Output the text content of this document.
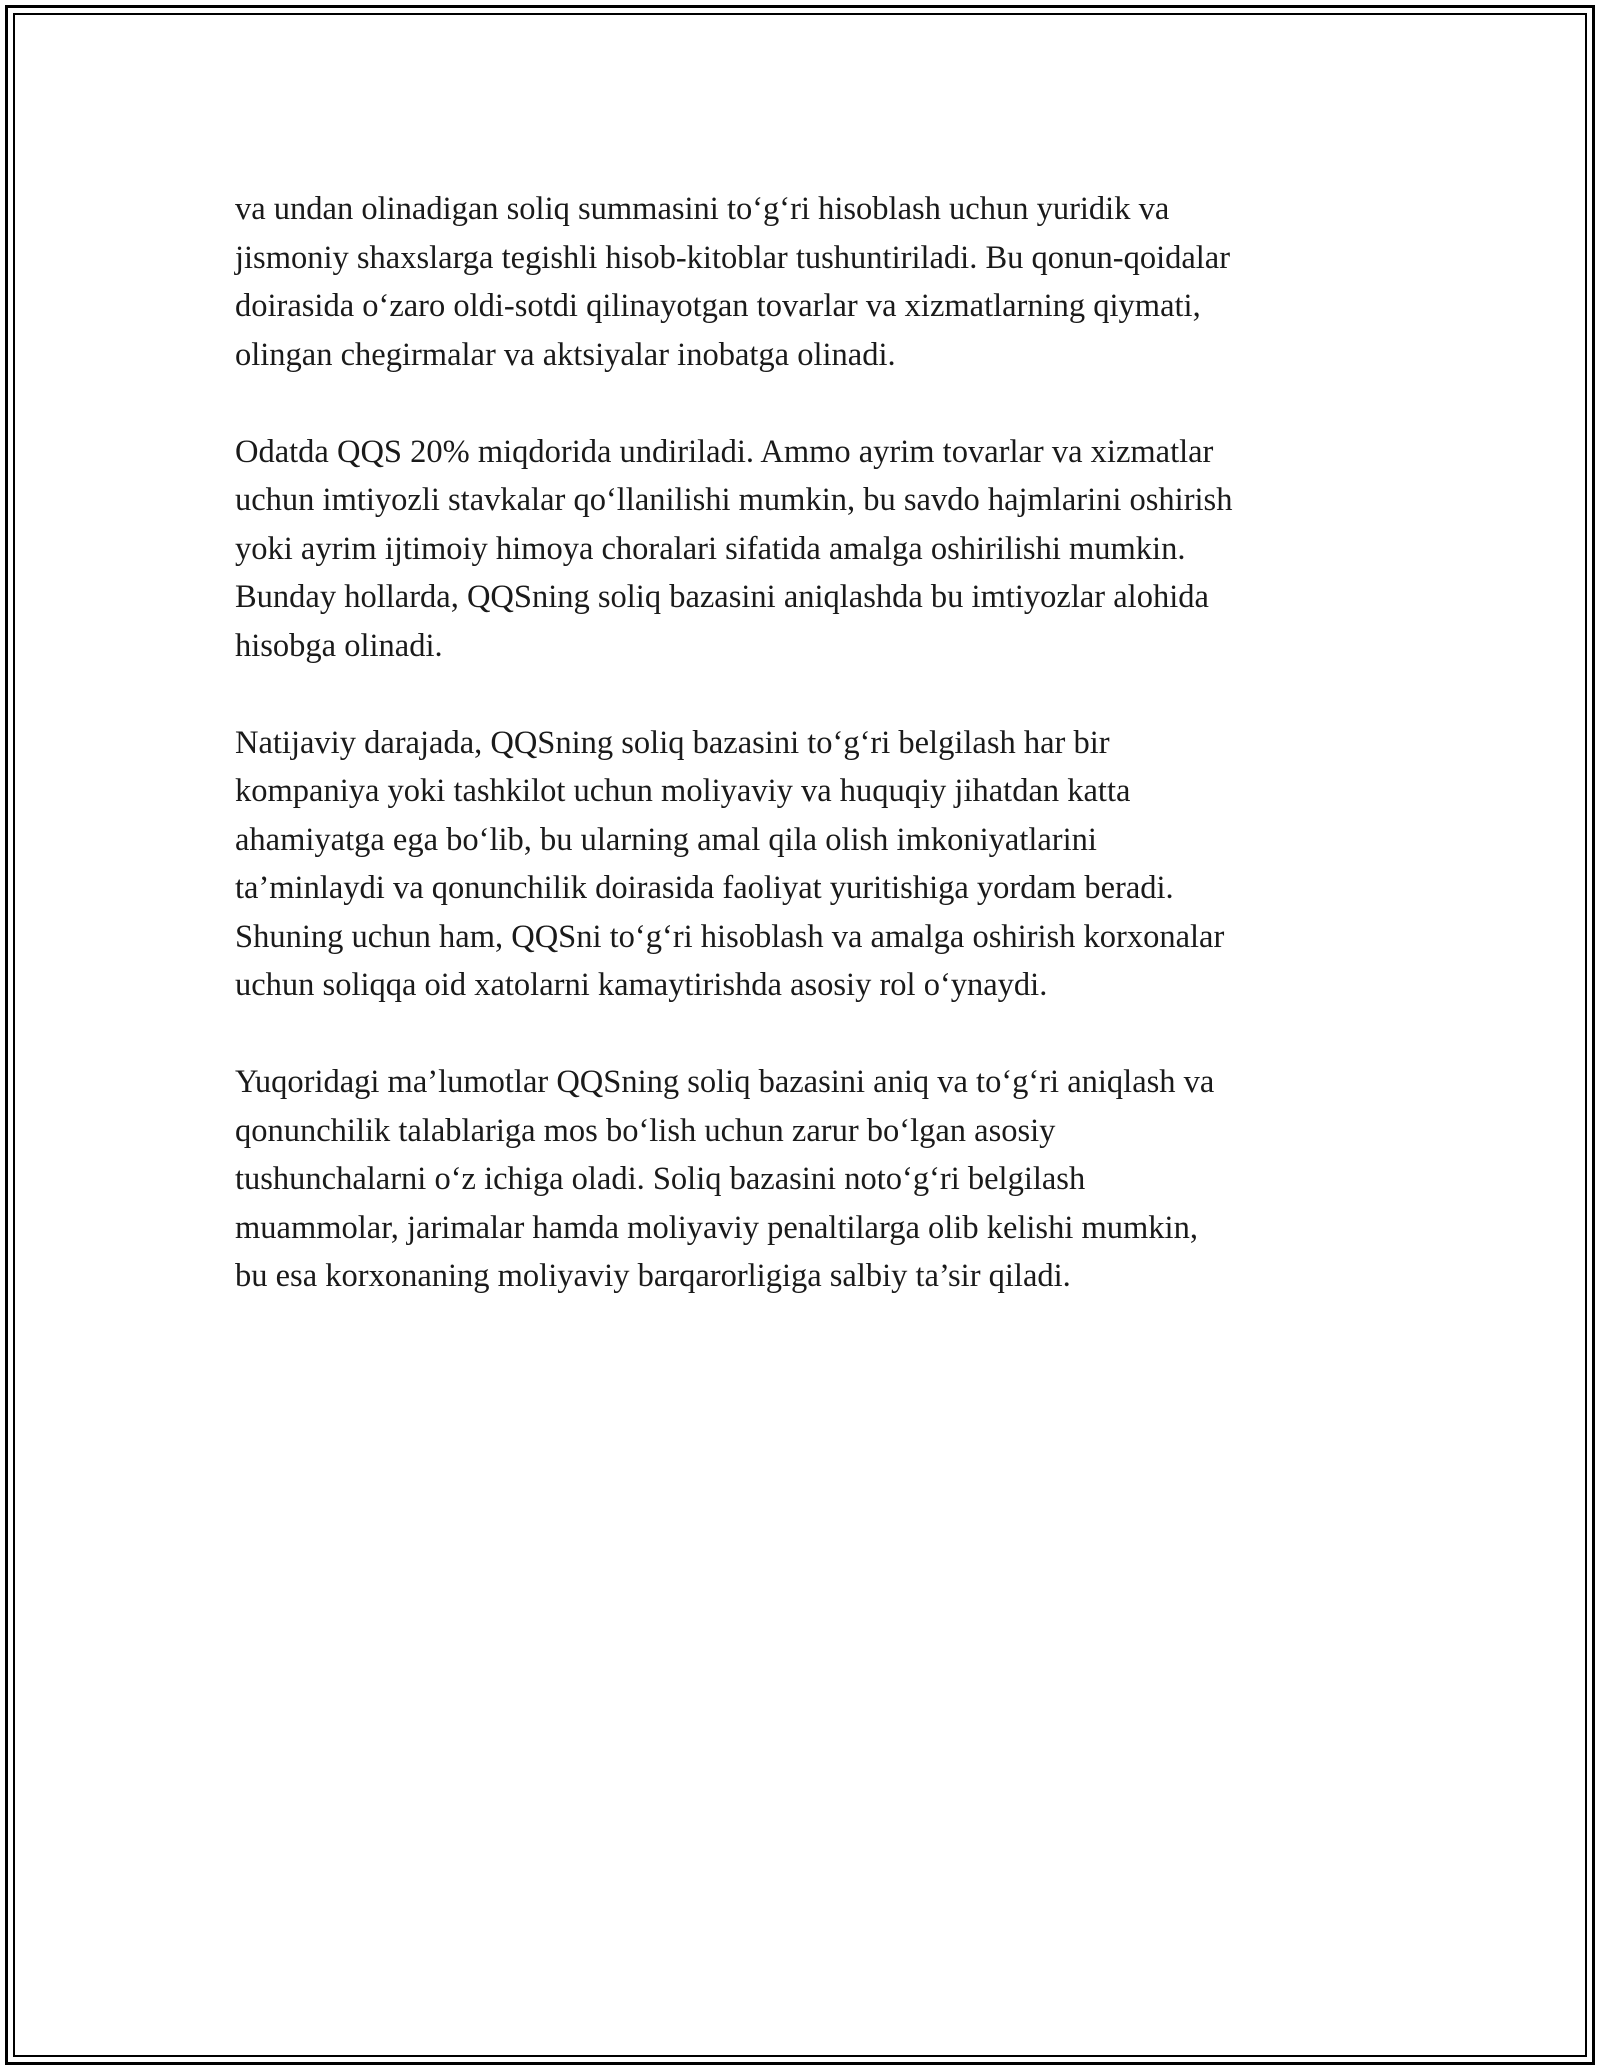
va undan olinadigan soliq summasini to‘g‘ri hisoblash uchun yuridik va
jismoniy shaxslarga tegishli hisob-kitoblar tushuntiriladi. Bu qonun-qoidalar
doirasida o‘zaro oldi-sotdi qilinayotgan tovarlar va xizmatlarning qiymati,
olingan chegirmalar va aktsiyalar inobatga olinadi.

Odatda QQS 20% miqdorida undiriladi. Ammo ayrim tovarlar va xizmatlar
uchun imtiyozli stavkalar qo‘llanilishi mumkin, bu savdo hajmlarini oshirish
yoki ayrim ijtimoiy himoya choralari sifatida amalga oshirilishi mumkin.
Bunday hollarda, QQSning soliq bazasini aniqlashda bu imtiyozlar alohida
hisobga olinadi.

Natijaviy darajada, QQSning soliq bazasini to‘g‘ri belgilash har bir
kompaniya yoki tashkilot uchun moliyaviy va huquqiy jihatdan katta
ahamiyatga ega bo‘lib, bu ularning amal qila olish imkoniyatlarini
ta’minlaydi va qonunchilik doirasida faoliyat yuritishiga yordam beradi.
Shuning uchun ham, QQSni to‘g‘ri hisoblash va amalga oshirish korxonalar
uchun soliqqa oid xatolarni kamaytirishda asosiy rol o‘ynaydi.

Yuqoridagi ma’lumotlar QQSning soliq bazasini aniq va to‘g‘ri aniqlash va
qonunchilik talablariga mos bo‘lish uchun zarur bo‘lgan asosiy
tushunchalarni o‘z ichiga oladi. Soliq bazasini noto‘g‘ri belgilash
muammolar, jarimalar hamda moliyaviy penaltilarga olib kelishi mumkin,
bu esa korxonaning moliyaviy barqarorligiga salbiy ta’sir qiladi.
